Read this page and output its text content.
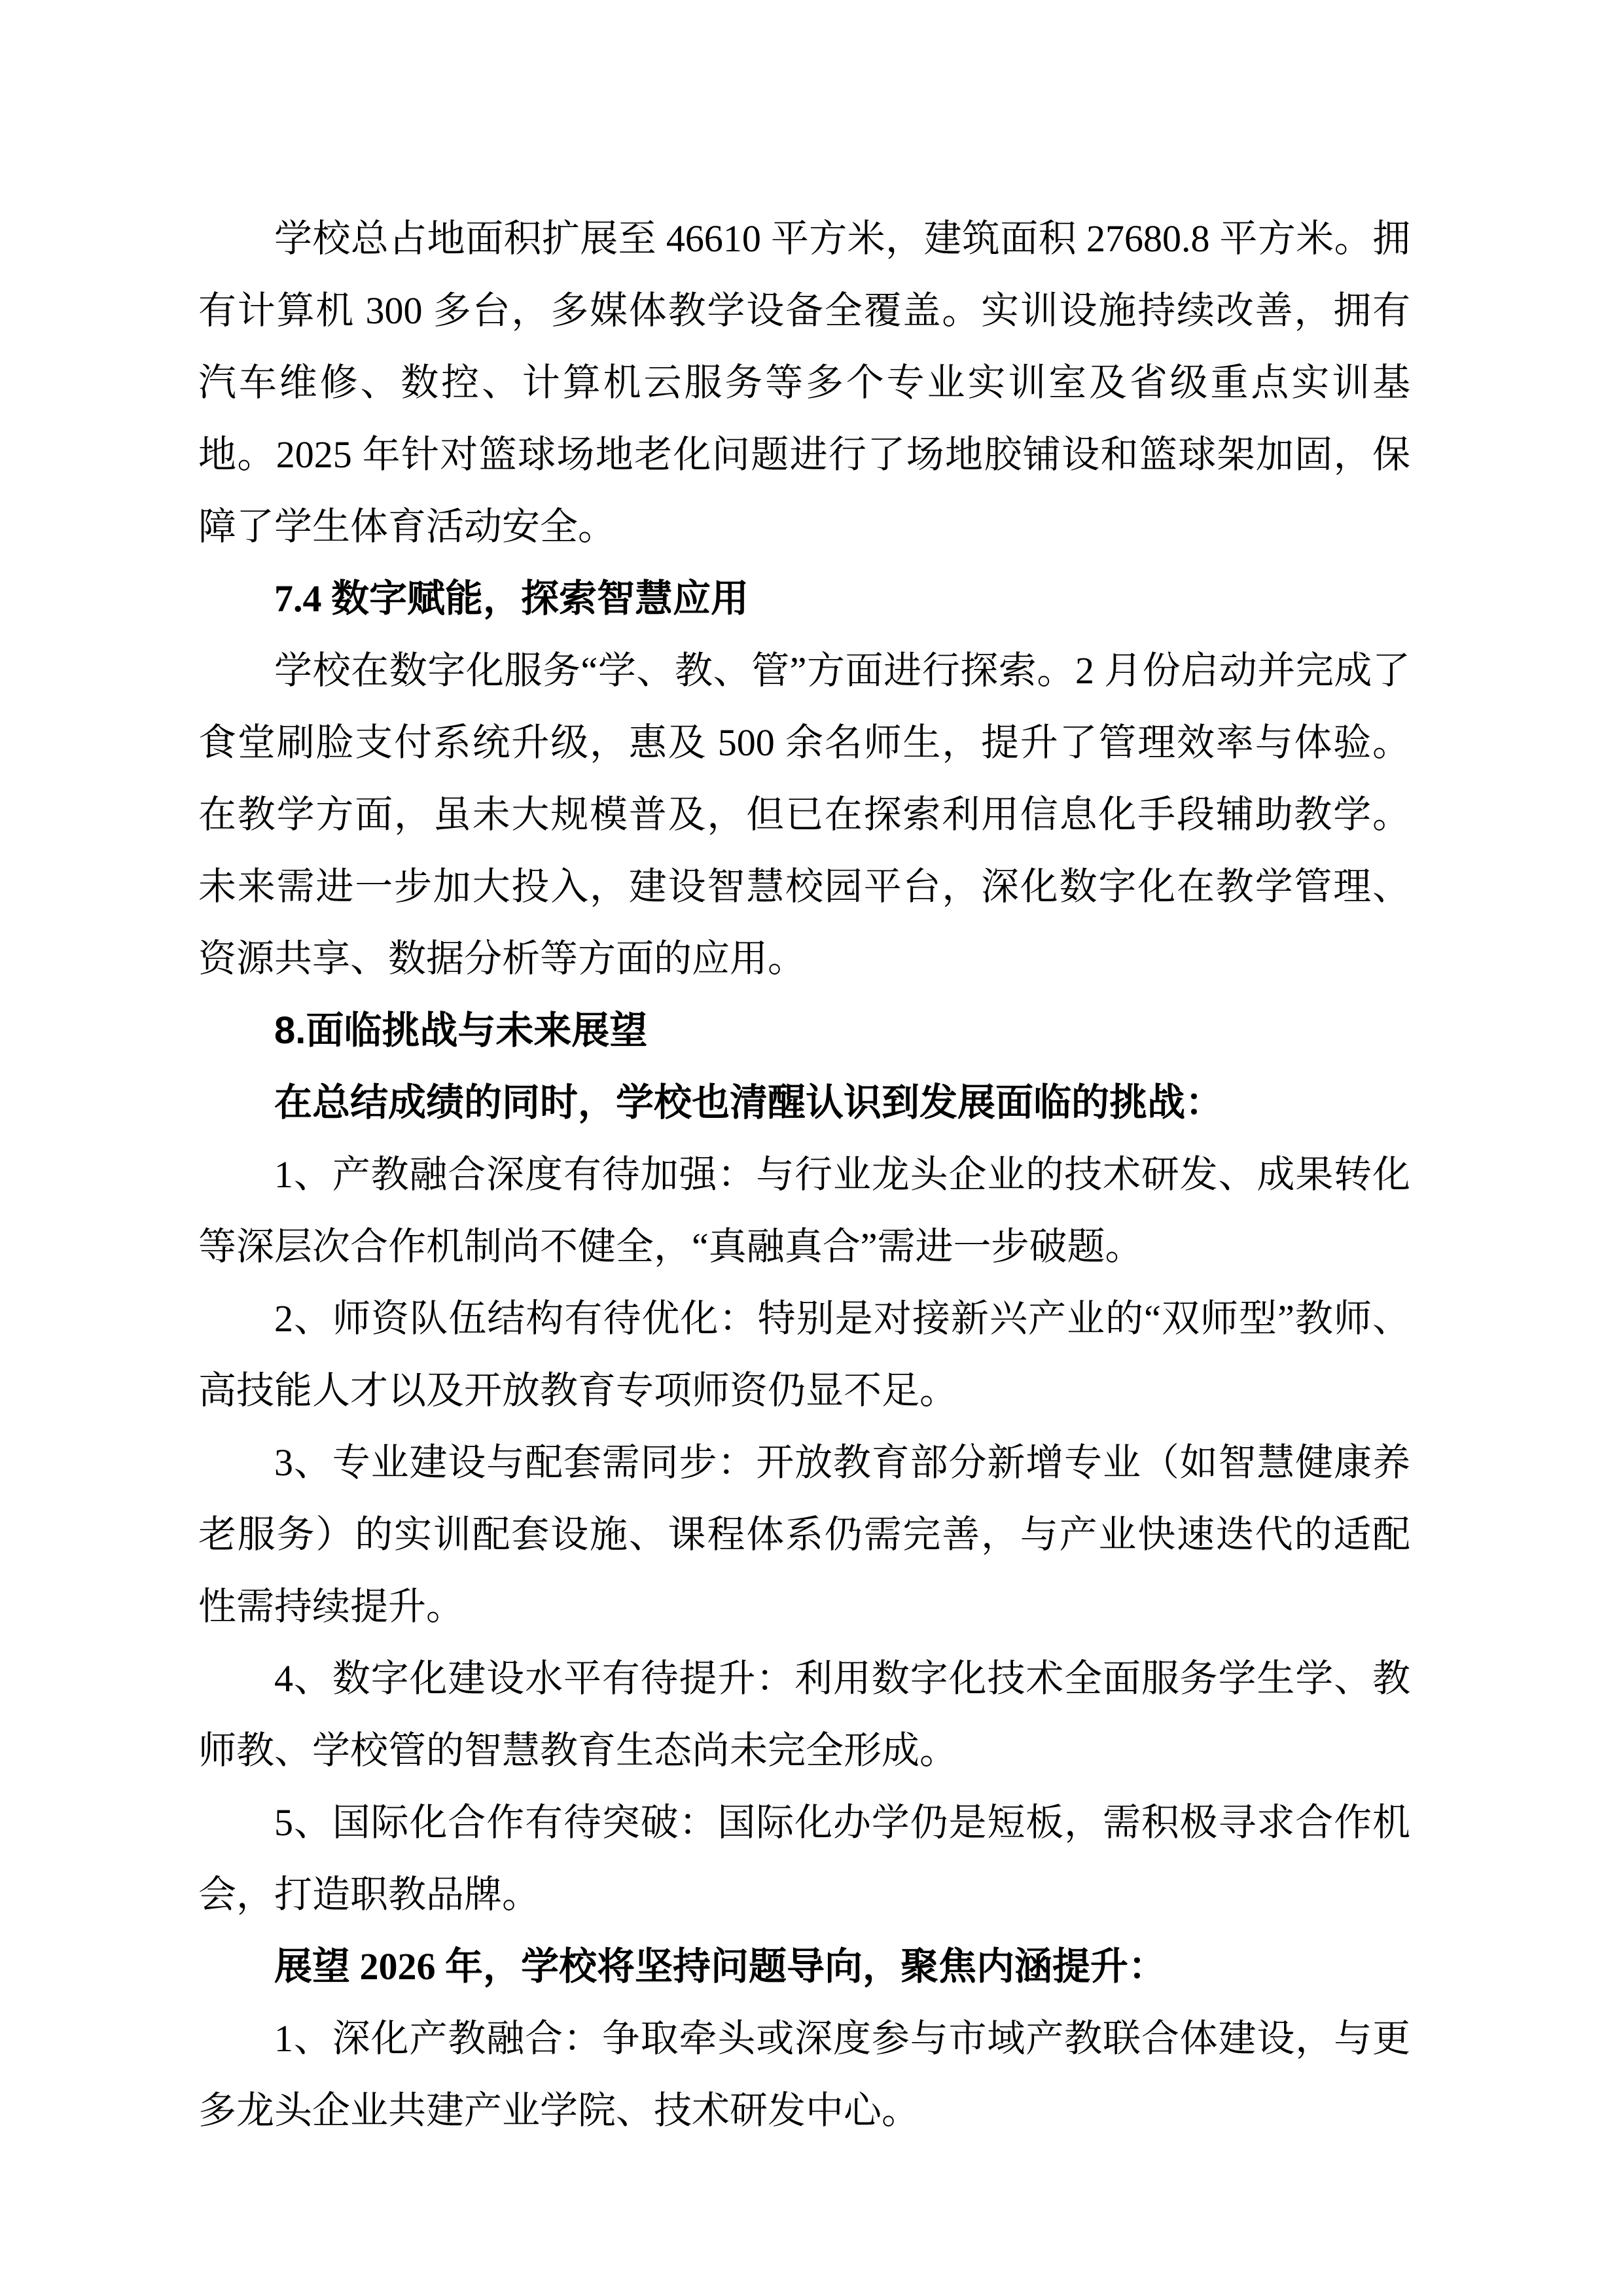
学校总占地面积扩展至 46610 平方米，建筑面积 27680.8 平方米。拥有计算机 300 多台，多媒体教学设备全覆盖。实训设施持续改善，拥有汽车维修、数控、计算机云服务等多个专业实训室及省级重点实训基地。2025 年针对篮球场地老化问题进行了场地胶铺设和篮球架加固，保障了学生体育活动安全。

7.4 数字赋能，探索智慧应用

学校在数字化服务“学、教、管”方面进行探索。2 月份启动并完成了食堂刷脸支付系统升级，惠及 500 余名师生，提升了管理效率与体验。在教学方面，虽未大规模普及，但已在探索利用信息化手段辅助教学。未来需进一步加大投入，建设智慧校园平台，深化数字化在教学管理、资源共享、数据分析等方面的应用。

8.面临挑战与未来展望

在总结成绩的同时，学校也清醒认识到发展面临的挑战：

1、产教融合深度有待加强：与行业龙头企业的技术研发、成果转化等深层次合作机制尚不健全，“真融真合”需进一步破题。

2、师资队伍结构有待优化：特别是对接新兴产业的“双师型”教师、高技能人才以及开放教育专项师资仍显不足。

3、专业建设与配套需同步：开放教育部分新增专业（如智慧健康养老服务）的实训配套设施、课程体系仍需完善，与产业快速迭代的适配性需持续提升。

4、数字化建设水平有待提升：利用数字化技术全面服务学生学、教师教、学校管的智慧教育生态尚未完全形成。

5、国际化合作有待突破：国际化办学仍是短板，需积极寻求合作机会，打造职教品牌。

展望 2026 年，学校将坚持问题导向，聚焦内涵提升：

1、深化产教融合：争取牵头或深度参与市域产教联合体建设，与更多龙头企业共建产业学院、技术研发中心。
